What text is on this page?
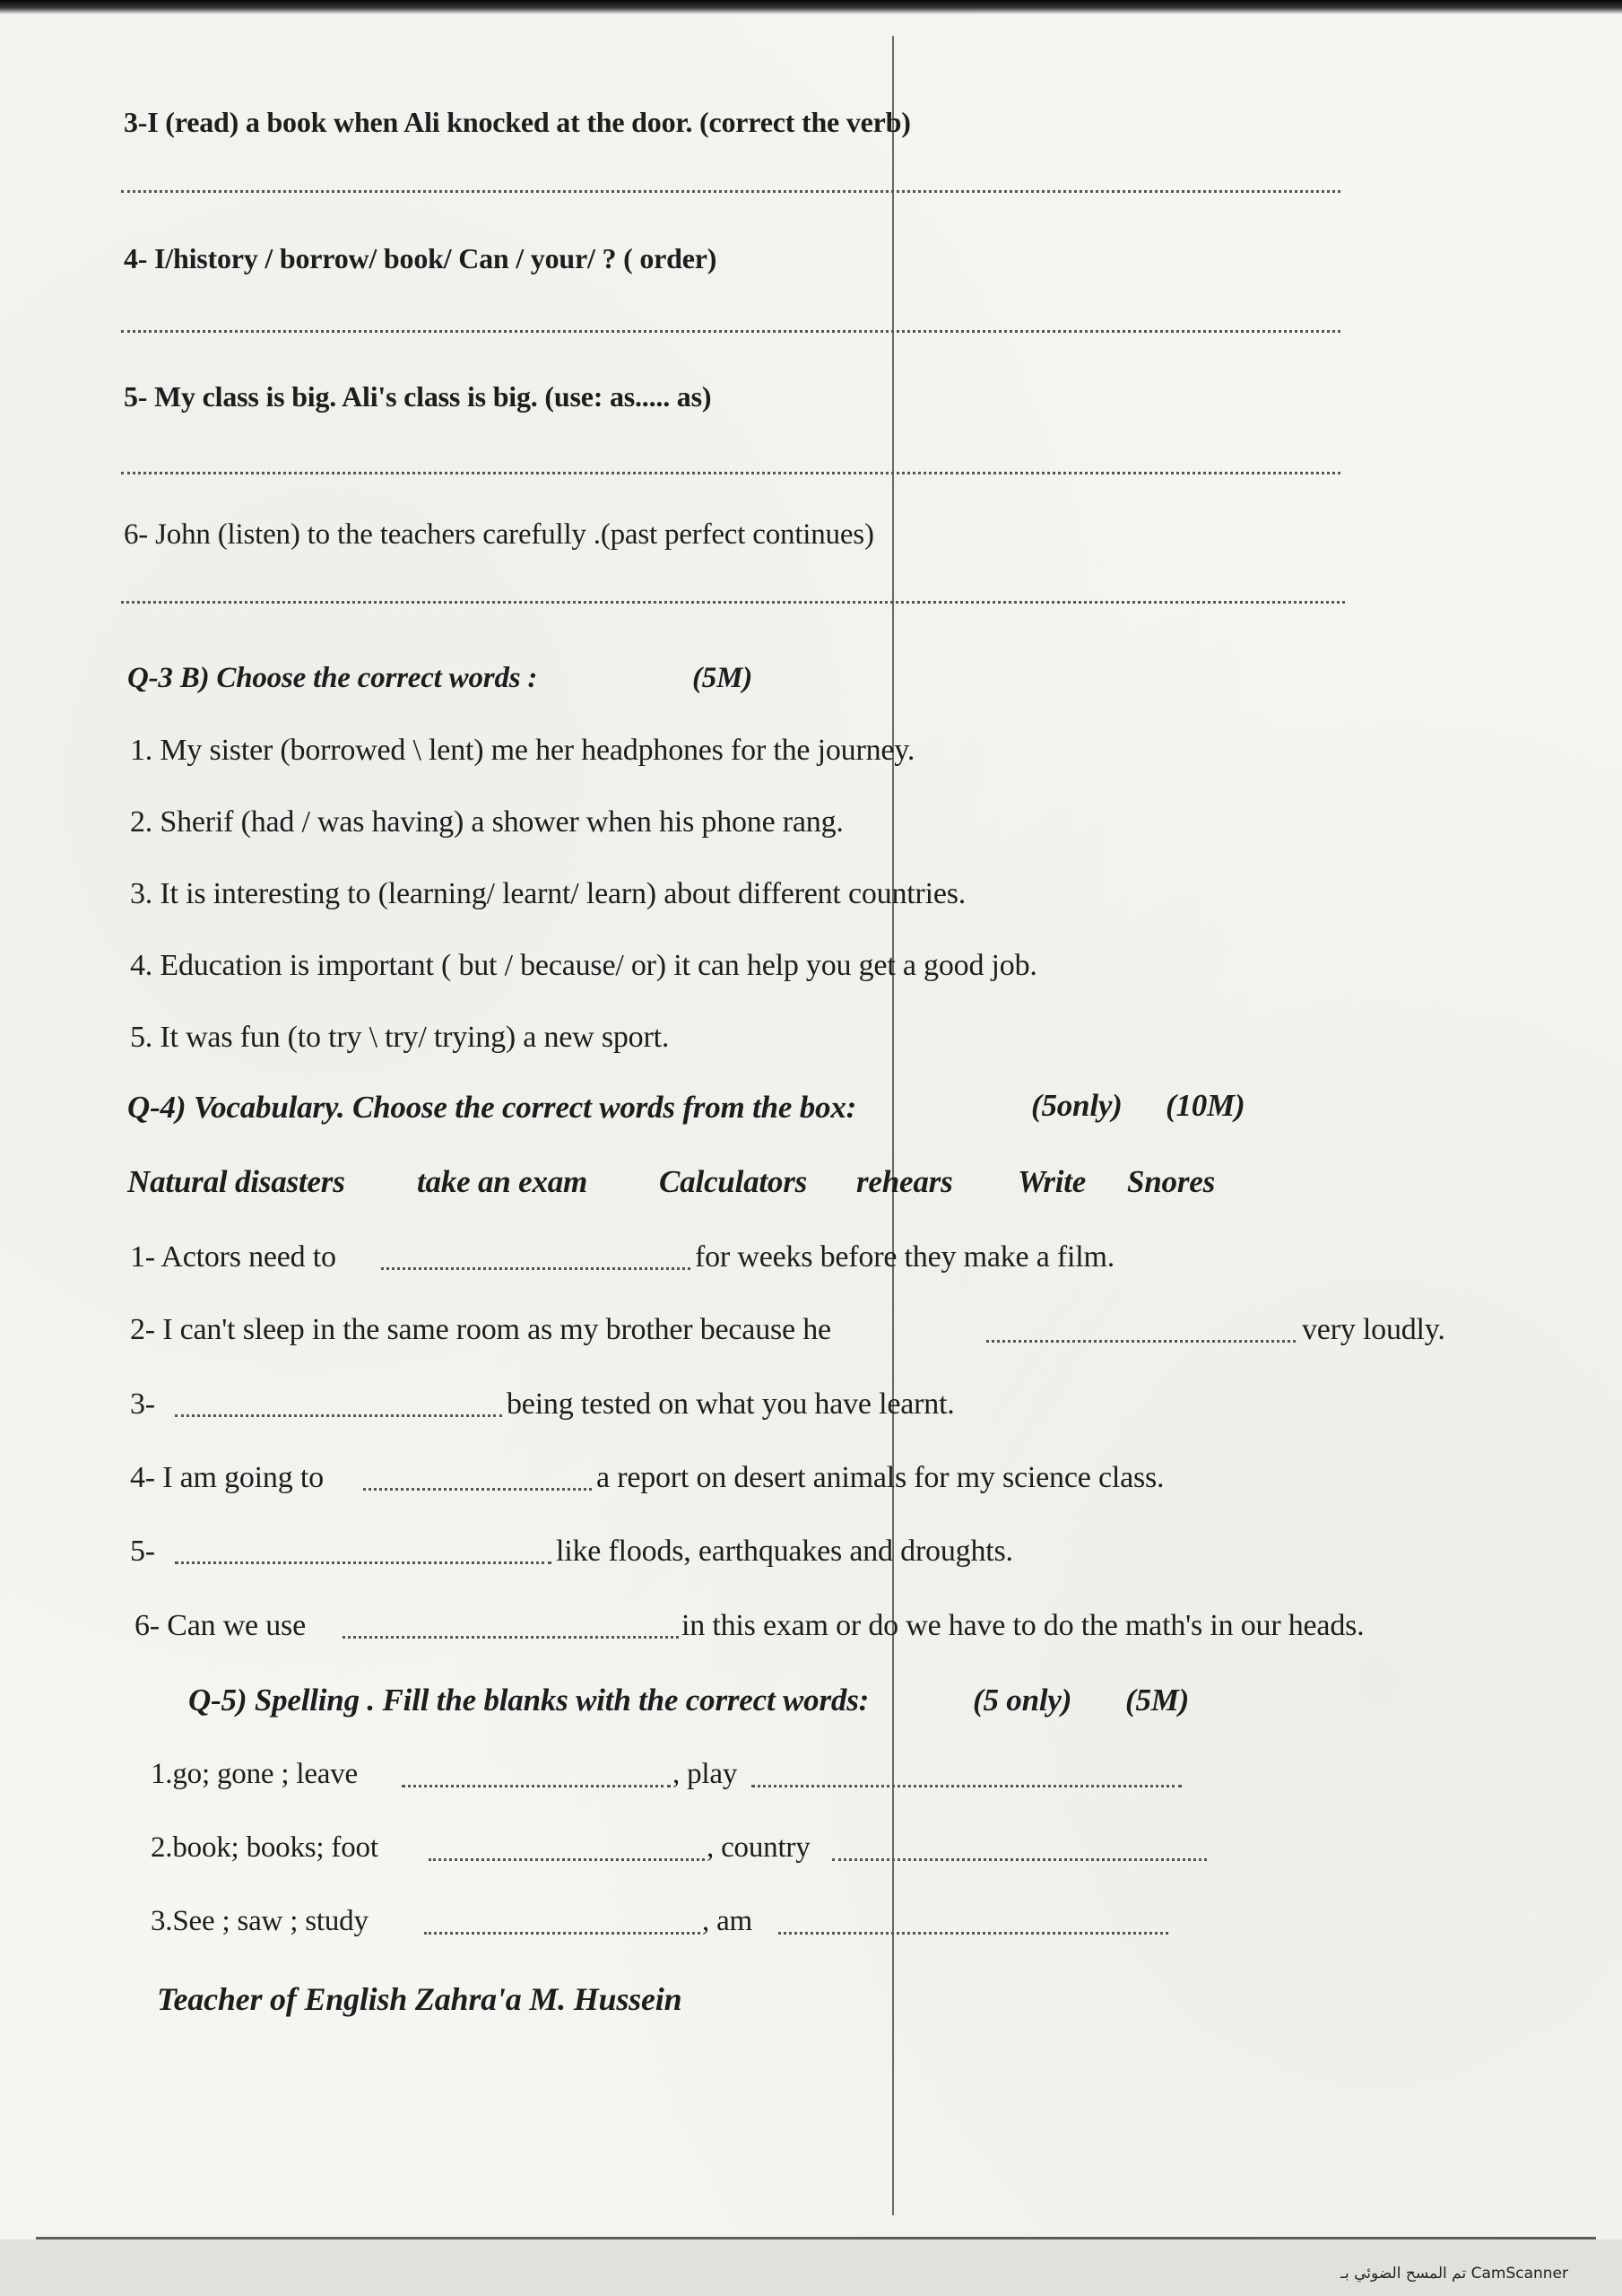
3-I (read) a book when Ali knocked at the door. (correct the verb)
4- I/history / borrow/ book/ Can / your/ ? ( order)
5- My class is big. Ali's class is big. (use: as..... as)
6- John (listen) to the teachers carefully .(past perfect continues)
Q-3 B) Choose the correct words :	(5M)
1. My sister (borrowed \ lent) me her headphones for the journey.
2. Sherif (had / was having) a shower when his phone rang.
3. It is interesting to (learning/ learnt/ learn) about different countries.
4. Education is important ( but / because/ or) it can help you get a good job.
5. It was fun (to try \ try/ trying) a new sport.
Q-4) Vocabulary. Choose the correct words from the box:	(5only) (10M)
Natural disasters take an exam Calculators rehears Write Snores
1- Actors need to	for weeks before they make a film.
2- I can't sleep in the same room as my brother because he	very loudly.
3-	being tested on what you have learnt.
4- I am going to	a report on desert animals for my science class.
5-	like floods, earthquakes and droughts.
6- Can we use	in this exam or do we have to do the math's in our heads.
Q-5) Spelling . Fill the blanks with the correct words:	(5 only) (5M)
1.go; gone ; leave	, play
2.book; books; foot	, country
3.See ; saw ; study	, am
Teacher of English Zahra'a M. Hussein
تم المسح الضوئي بـ CamScanner
